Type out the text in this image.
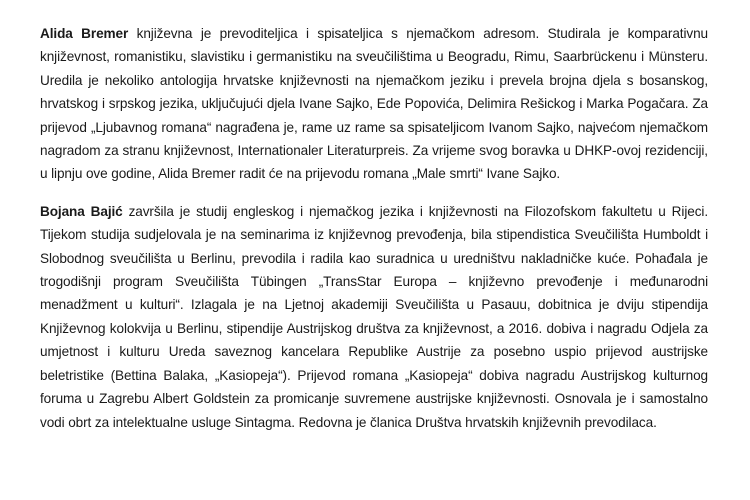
Alida Bremer književna je prevoditeljica i spisateljica s njemačkom adresom. Studirala je komparativnu
književnost, romanistiku, slavistiku i germanistiku na sveučilištima u Beogradu, Rimu, Saarbrückenu i Münsteru.
Uredila je nekoliko antologija hrvatske književnosti na njemačkom jeziku i prevela brojna djela s bosanskog,
hrvatskog i srpskog jezika, uključujući djela Ivane Sajko, Ede Popovića, Delimira Rešickog i Marka Pogačara. Za
prijevod „Ljubavnog romana“ nagrađena je, rame uz rame sa spisateljicom Ivanom Sajko, najvećom njemačkom
nagradom za stranu književnost, Internationaler Literaturpreis. Za vrijeme svog boravka u DHKP-ovoj rezidenciji,
u lipnju ove godine, Alida Bremer radit će na prijevodu romana „Male smrti“ Ivane Sajko.

Bojana Bajić završila je studij engleskog i njemačkog jezika i književnosti na Filozofskom fakultetu u Rijeci.
Tijekom studija sudjelovala je na seminarima iz književnog prevođenja, bila stipendistica Sveučilišta Humboldt i
Slobodnog sveučilišta u Berlinu, prevodila i radila kao suradnica u uredništvu nakladničke kuće. Pohađala je
trogodišnji program Sveučilišta Tübingen „TransStar Europa – književno prevođenje i međunarodni
menadžment u kulturi“. Izlagala je na Ljetnoj akademiji Sveučilišta u Pasauu, dobitnica je dviju stipendija
Književnog kolokvija u Berlinu, stipendije Austrijskog društva za književnost, a 2016. dobiva i nagradu Odjela za
umjetnost i kulturu Ureda saveznog kancelara Republike Austrije za posebno uspio prijevod austrijske
beletristike (Bettina Balaka, „Kasiopeja“). Prijevod romana „Kasiopeja“ dobiva nagradu Austrijskog kulturnog
foruma u Zagrebu Albert Goldstein za promicanje suvremene austrijske književnosti. Osnovala je i samostalno
vodi obrt za intelektualne usluge Sintagma. Redovna je članica Društva hrvatskih književnih prevodilaca.
